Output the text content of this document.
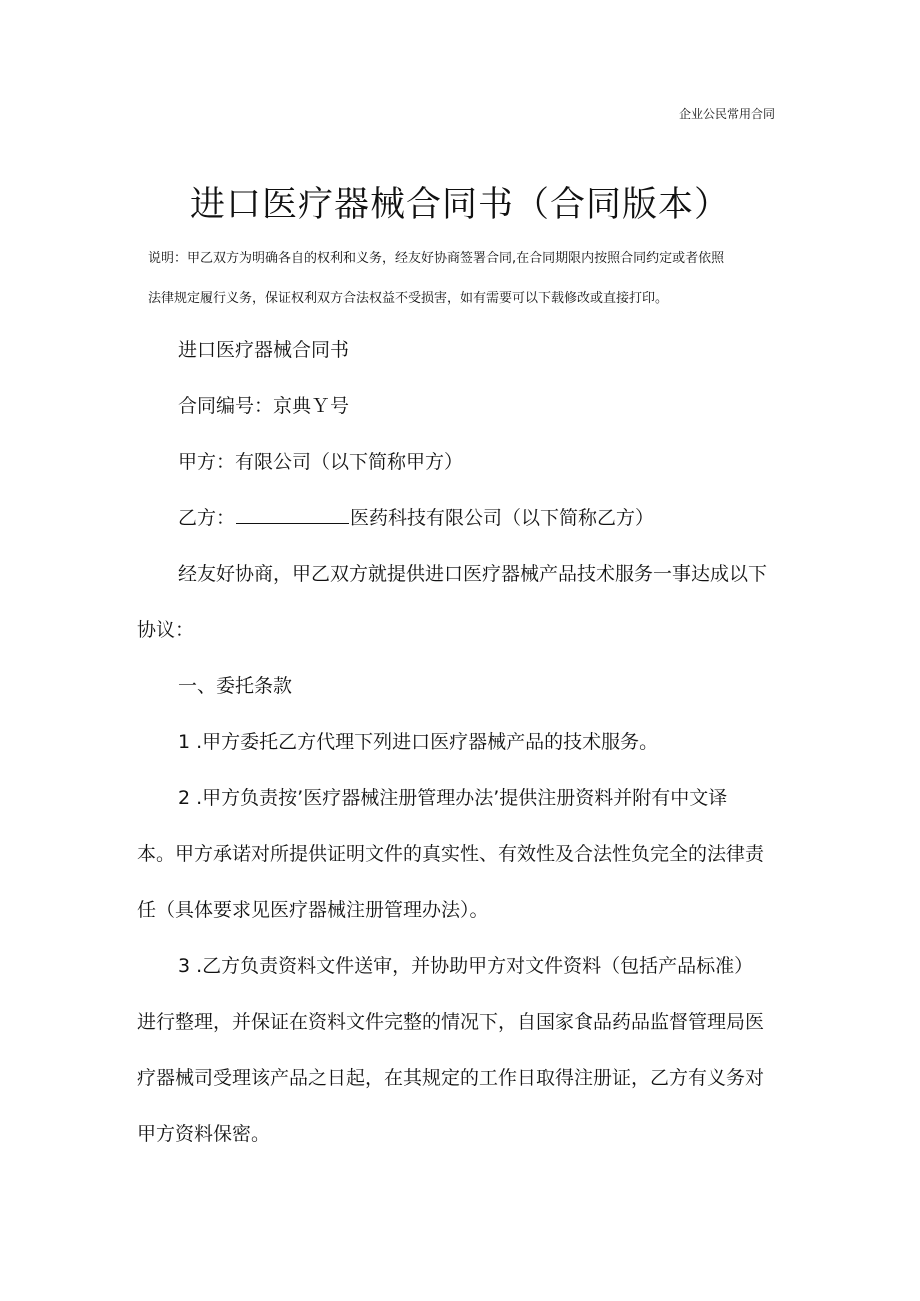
企业公民常用合同
进口医疗器械合同书（合同版本）
说明：甲乙双方为明确各自的权利和义务，经友好协商签署合同,在合同期限内按照合同约定或者依照
法律规定履行义务，保证权利双方合法权益不受损害，如有需要可以下载修改或直接打印。
进口医疗器械合同书
合同编号：京典Ｙ号
甲方：有限公司（以下简称甲方）
乙方：	医药科技有限公司（以下简称乙方）
经友好协商，甲乙双方就提供进口医疗器械产品技术服务一事达成以下
协议：
一、委托条款
1 .甲方委托乙方代理下列进口医疗器械产品的技术服务。
2 .甲方负责按’医疗器械注册管理办法’提供注册资料并附有中文译
本。甲方承诺对所提供证明文件的真实性、有效性及合法性负完全的法律责
任（具体要求见医疗器械注册管理办法）。
3 .乙方负责资料文件送审，并协助甲方对文件资料（包括产品标准）
进行整理，并保证在资料文件完整的情况下，自国家食品药品监督管理局医
疗器械司受理该产品之日起，在其规定的工作日取得注册证，乙方有义务对
甲方资料保密。
